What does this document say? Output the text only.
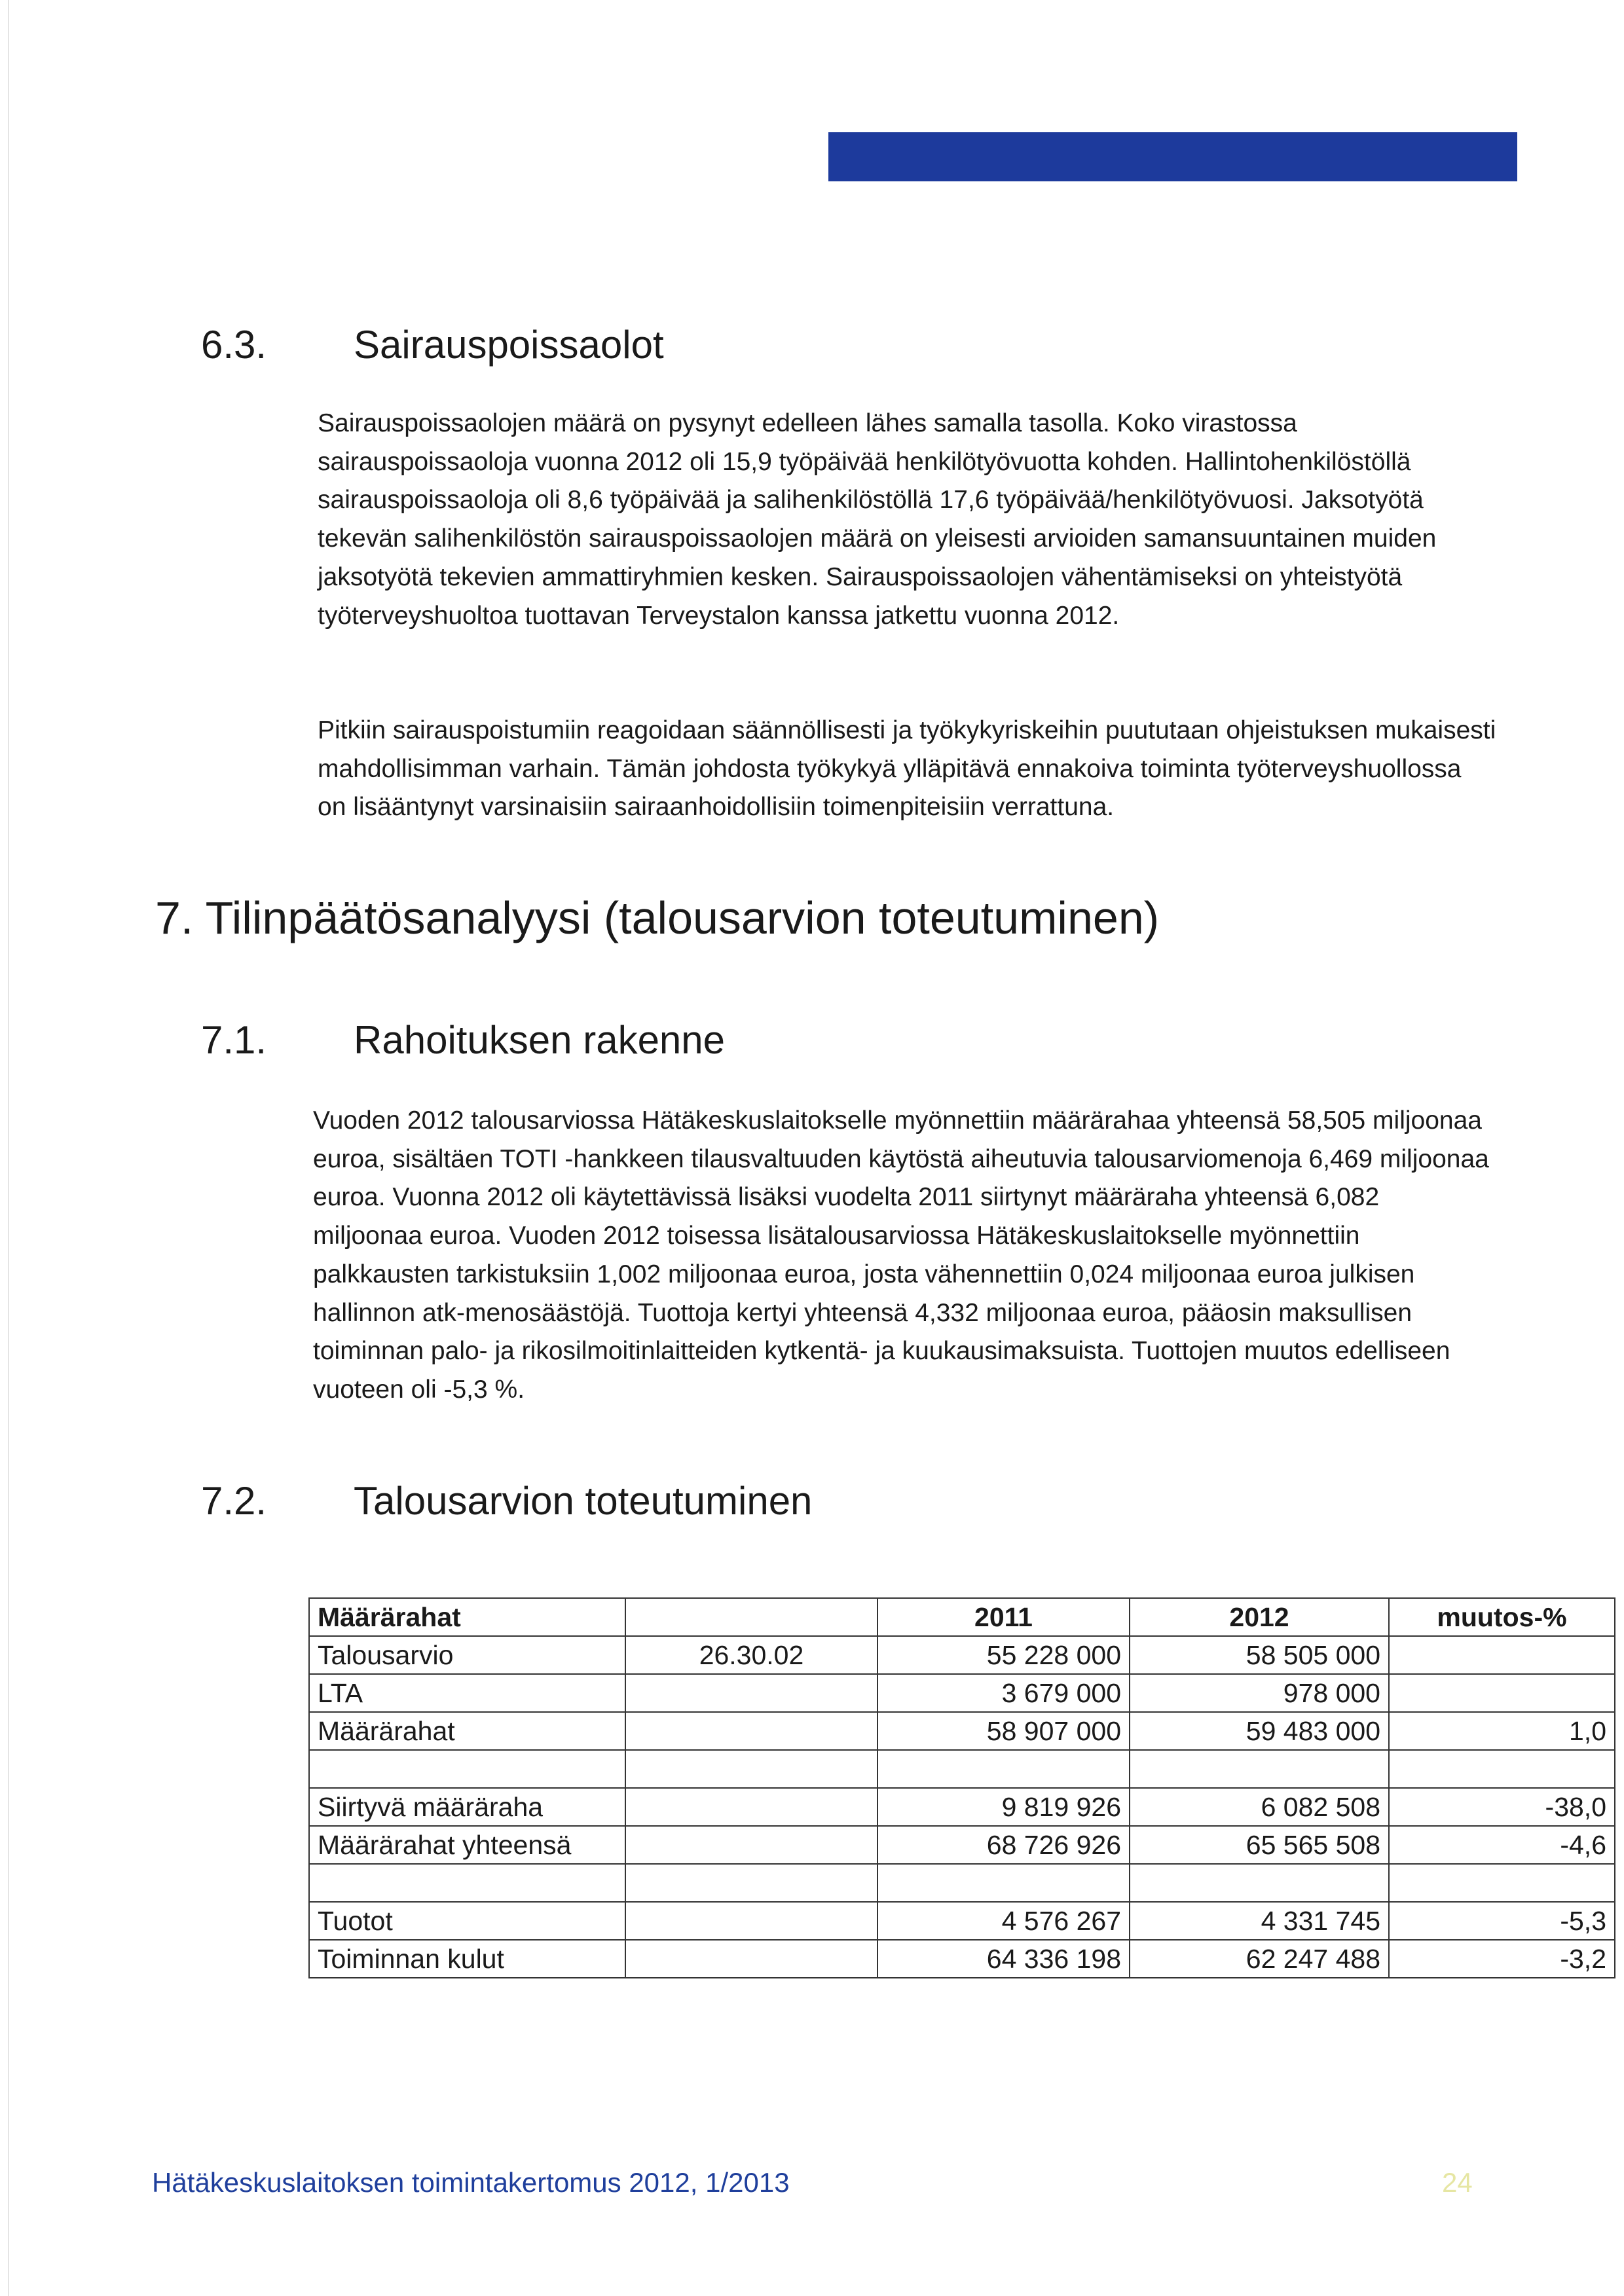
6.3. Sairauspoissaolot

Sairauspoissaolojen määrä on pysynyt edelleen lähes samalla tasolla. Koko virastossa sairauspoissaoloja vuonna 2012 oli 15,9 työpäivää henkilötyövuotta kohden. Hallintohenkilöstöllä sairauspoissaoloja oli 8,6 työpäivää ja salihenkilöstöllä 17,6 työpäivää/henkilötyövuosi. Jaksotyötä tekevän salihenkilöstön sairauspoissaolojen määrä on yleisesti arvioiden samansuuntainen muiden jaksotyötä tekevien ammattiryhmien kesken. Sairauspoissaolojen vähentämiseksi on yhteistyötä työterveyshuoltoa tuottavan Terveystalon kanssa jatkettu vuonna 2012.

Pitkiin sairauspoistumiin reagoidaan säännöllisesti ja työkykyriskeihin puututaan ohjeistuksen mukaisesti mahdollisimman varhain. Tämän johdosta työkykyä ylläpitävä ennakoiva toiminta työterveyshuollossa on lisääntynyt varsinaisiin sairaanhoidollisiin toimenpiteisiin verrattuna.

7. Tilinpäätösanalyysi (talousarvion toteutuminen)
7.1. Rahoituksen rakenne

Vuoden 2012 talousarviossa Hätäkeskuslaitokselle myönnettiin määrärahaa yhteensä 58,505 miljoonaa euroa, sisältäen TOTI -hankkeen tilausvaltuuden käytöstä aiheutuvia talousarviomenoja 6,469 miljoonaa euroa. Vuonna 2012 oli käytettävissä lisäksi vuodelta 2011 siirtynyt määräraha yhteensä 6,082 miljoonaa euroa. Vuoden 2012 toisessa lisätalousarviossa Hätäkeskuslaitokselle myönnettiin palkkausten tarkistuksiin 1,002 miljoonaa euroa, josta vähennettiin 0,024 miljoonaa euroa julkisen hallinnon atk-menosäästöjä. Tuottoja kertyi yhteensä 4,332 miljoonaa euroa, pääosin maksullisen toiminnan palo- ja rikosilmoitinlaitteiden kytkentä- ja kuukausimaksuista. Tuottojen muutos edelliseen vuoteen oli -5,3 %.

7.2. Talousarvion toteutuminen
Määrärahat		2011	2012	muutos-%
Talousarvio	26.30.02	55 228 000	58 505 000	
LTA		3 679 000	978 000	
Määrärahat		58 907 000	59 483 000	1,0

Siirtyvä määräraha		9 819 926	6 082 508	-38,0
Määrärahat yhteensä		68 726 926	65 565 508	-4,6

Tuotot		4 576 267	4 331 745	-5,3
Toiminnan kulut		64 336 198	62 247 488	-3,2
Hätäkeskuslaitoksen toimintakertomus 2012, 1/2013	24
